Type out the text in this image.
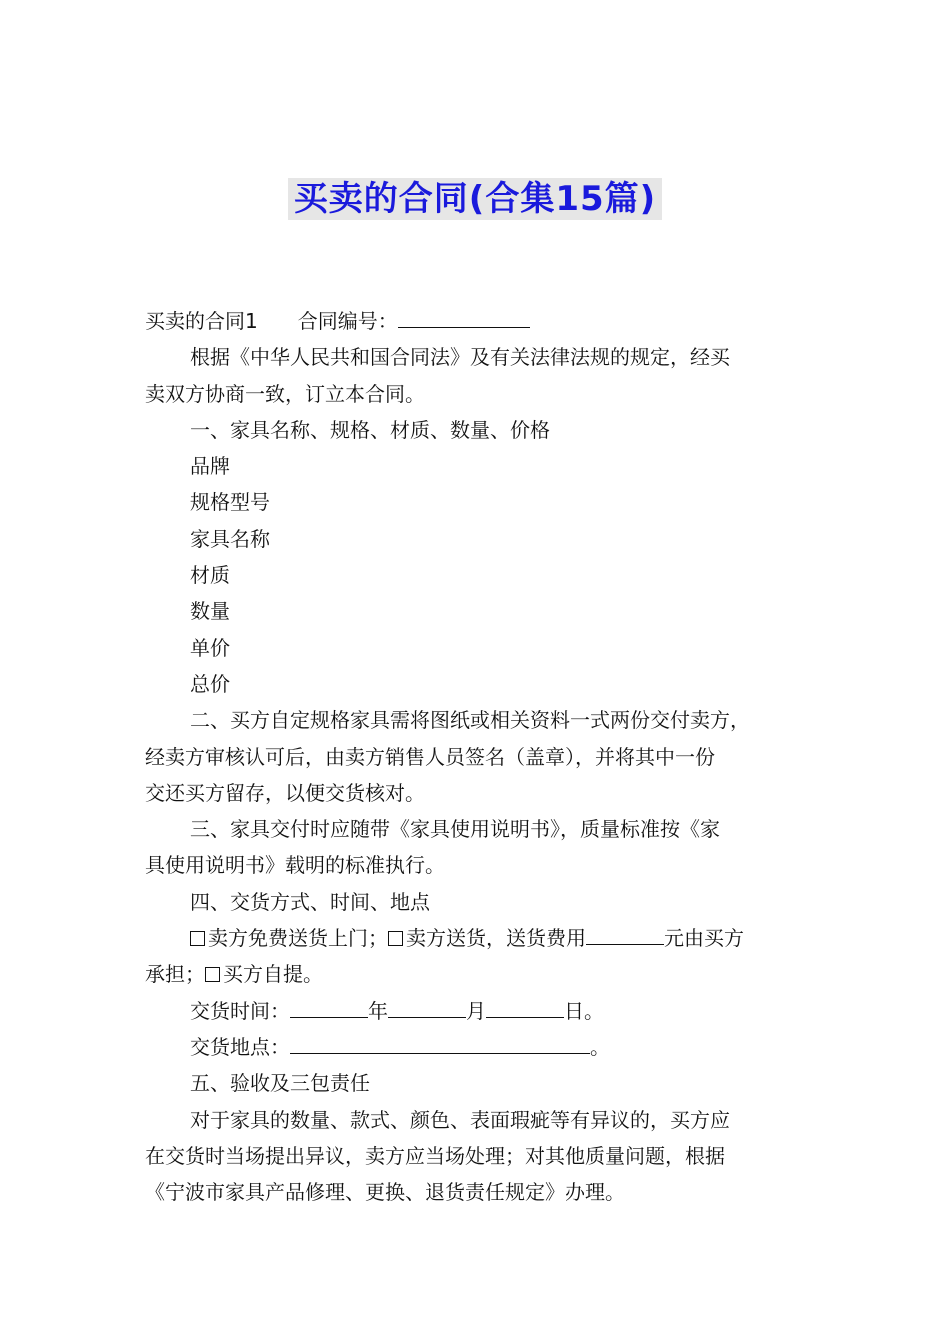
买卖的合同(合集15篇)
买卖的合同1 合同编号：
根据《中华人民共和国合同法》及有关法律法规的规定，经买
卖双方协商一致，订立本合同。
一、家具名称、规格、材质、数量、价格
品牌
规格型号
家具名称
材质
数量
单价
总价
二、买方自定规格家具需将图纸或相关资料一式两份交付卖方，
经卖方审核认可后，由卖方销售人员签名（盖章），并将其中一份
交还买方留存，以便交货核对。
三、家具交付时应随带《家具使用说明书》，质量标准按《家
具使用说明书》载明的标准执行。
四、交货方式、时间、地点
卖方免费送货上门； 卖方送货，送货费用	元由买方
承担； 买方自提。
交货时间：	年	月	日。
交货地点：	。
五、验收及三包责任
对于家具的数量、款式、颜色、表面瑕疵等有异议的，买方应
在交货时当场提出异议，卖方应当场处理；对其他质量问题，根据
《宁波市家具产品修理、更换、退货责任规定》办理。
